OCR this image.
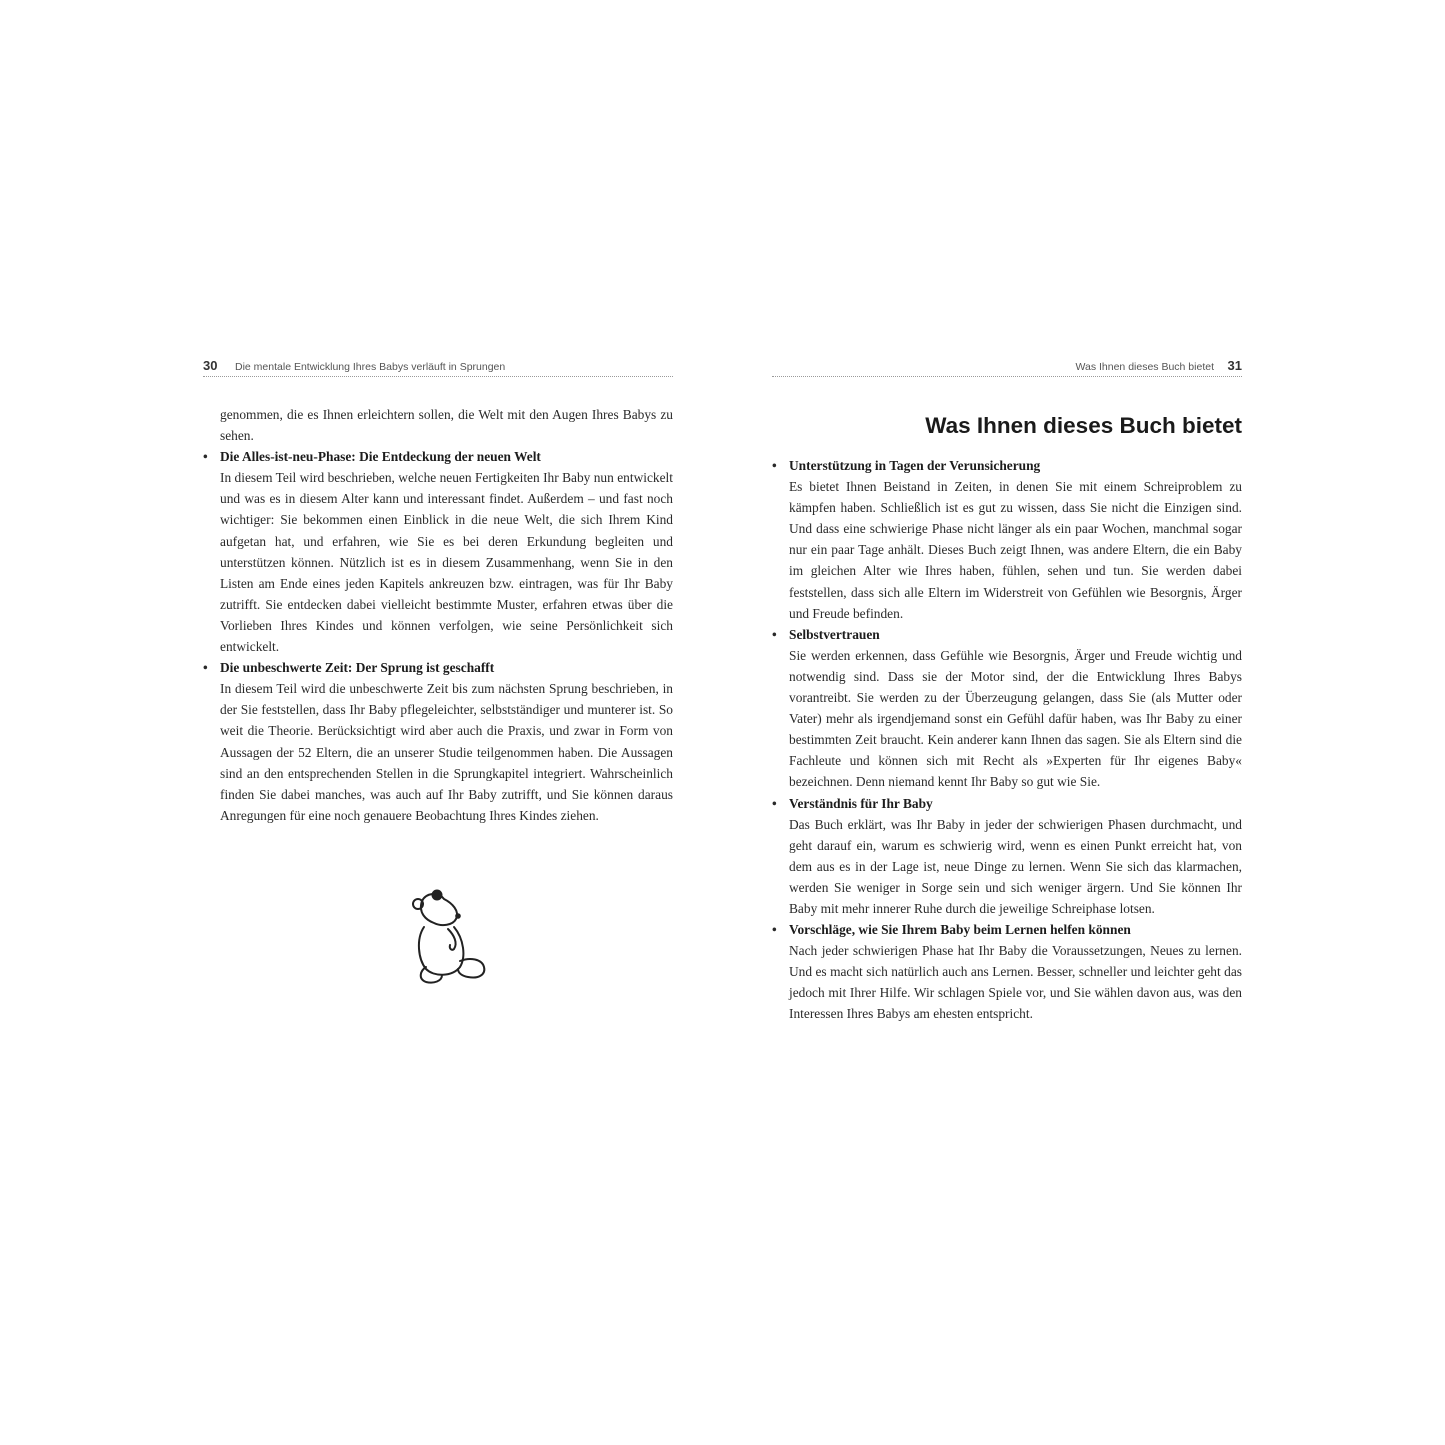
30 Die mentale Entwicklung Ihres Babys verläuft in Sprungen
genommen, die es Ihnen erleichtern sollen, die Welt mit den Augen Ihres Babys zu sehen.
• Die Alles-ist-neu-Phase: Die Entdeckung der neuen Welt
In diesem Teil wird beschrieben, welche neuen Fertigkeiten Ihr Baby nun entwickelt und was es in diesem Alter kann und interessant findet. Außerdem – und fast noch wichtiger: Sie bekommen einen Einblick in die neue Welt, die sich Ihrem Kind aufgetan hat, und erfahren, wie Sie es bei deren Erkundung begleiten und unterstützen können. Nützlich ist es in diesem Zusammenhang, wenn Sie in den Listen am Ende eines jeden Kapitels ankreuzen bzw. eintragen, was für Ihr Baby zutrifft. Sie entdecken dabei vielleicht bestimmte Muster, erfahren etwas über die Vorlieben Ihres Kindes und können verfolgen, wie seine Persönlichkeit sich entwickelt.
• Die unbeschwerte Zeit: Der Sprung ist geschafft
In diesem Teil wird die unbeschwerte Zeit bis zum nächsten Sprung beschrieben, in der Sie feststellen, dass Ihr Baby pflegeleichter, selbstständiger und munterer ist. So weit die Theorie. Berücksichtigt wird aber auch die Praxis, und zwar in Form von Aussagen der 52 Eltern, die an unserer Studie teilgenommen haben. Die Aussagen sind an den entsprechenden Stellen in die Sprungkapitel integriert. Wahrscheinlich finden Sie dabei manches, was auch auf Ihr Baby zutrifft, und Sie können daraus Anregungen für eine noch genauere Beobachtung Ihres Kindes ziehen.
Was Ihnen dieses Buch bietet 31
Was Ihnen dieses Buch bietet
• Unterstützung in Tagen der Verunsicherung
Es bietet Ihnen Beistand in Zeiten, in denen Sie mit einem Schreiproblem zu kämpfen haben. Schließlich ist es gut zu wissen, dass Sie nicht die Einzigen sind. Und dass eine schwierige Phase nicht länger als ein paar Wochen, manchmal sogar nur ein paar Tage anhält. Dieses Buch zeigt Ihnen, was andere Eltern, die ein Baby im gleichen Alter wie Ihres haben, fühlen, sehen und tun. Sie werden dabei feststellen, dass sich alle Eltern im Widerstreit von Gefühlen wie Besorgnis, Ärger und Freude befinden.
• Selbstvertrauen
Sie werden erkennen, dass Gefühle wie Besorgnis, Ärger und Freude wichtig und notwendig sind. Dass sie der Motor sind, der die Entwicklung Ihres Babys vorantreibt. Sie werden zu der Überzeugung gelangen, dass Sie (als Mutter oder Vater) mehr als irgendjemand sonst ein Gefühl dafür haben, was Ihr Baby zu einer bestimmten Zeit braucht. Kein anderer kann Ihnen das sagen. Sie als Eltern sind die Fachleute und können sich mit Recht als »Experten für Ihr eigenes Baby« bezeichnen. Denn niemand kennt Ihr Baby so gut wie Sie.
• Verständnis für Ihr Baby
Das Buch erklärt, was Ihr Baby in jeder der schwierigen Phasen durchmacht, und geht darauf ein, warum es schwierig wird, wenn es einen Punkt erreicht hat, von dem aus es in der Lage ist, neue Dinge zu lernen. Wenn Sie sich das klarmachen, werden Sie weniger in Sorge sein und sich weniger ärgern. Und Sie können Ihr Baby mit mehr innerer Ruhe durch die jeweilige Schreiphase lotsen.
• Vorschläge, wie Sie Ihrem Baby beim Lernen helfen können
Nach jeder schwierigen Phase hat Ihr Baby die Voraussetzungen, Neues zu lernen. Und es macht sich natürlich auch ans Lernen. Besser, schneller und leichter geht das jedoch mit Ihrer Hilfe. Wir schlagen Spiele vor, und Sie wählen davon aus, was den Interessen Ihres Babys am ehesten entspricht.
